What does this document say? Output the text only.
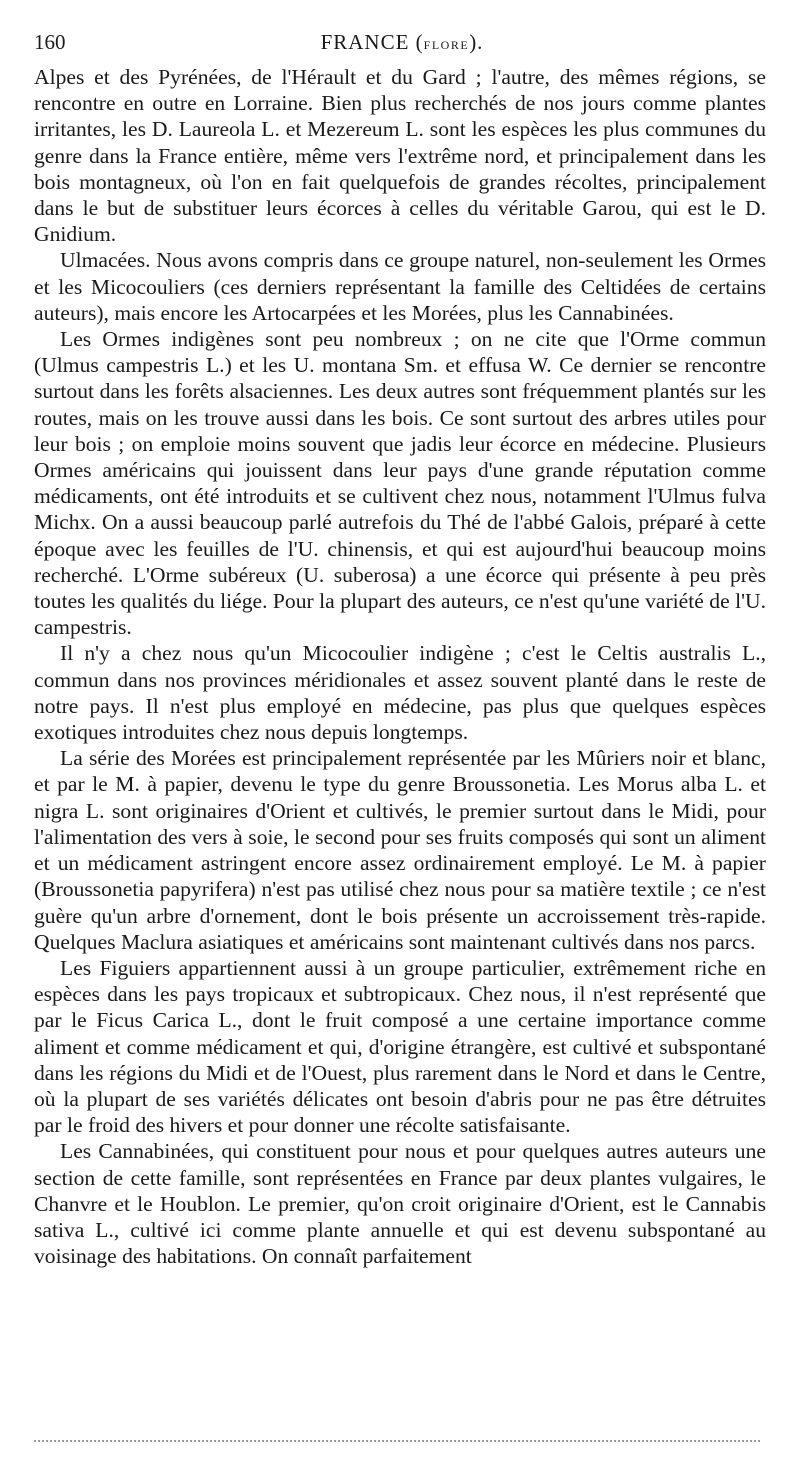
160	FRANCE (flore).

Alpes et des Pyrénées, de l'Hérault et du Gard ; l'autre, des mêmes régions, se rencontre en outre en Lorraine. Bien plus recherchés de nos jours comme plantes irritantes, les D. Laureola L. et Mezereum L. sont les espèces les plus communes du genre dans la France entière, même vers l'extrême nord, et principalement dans les bois montagneux, où l'on en fait quelquefois de grandes récoltes, principalement dans le but de substituer leurs écorces à celles du véritable Garou, qui est le D. Gnidium.

Ulmacées. Nous avons compris dans ce groupe naturel, non-seulement les Ormes et les Micocouliers (ces derniers représentant la famille des Celtidées de certains auteurs), mais encore les Artocarpées et les Morées, plus les Cannabinées.

Les Ormes indigènes sont peu nombreux ; on ne cite que l'Orme commun (Ulmus campestris L.) et les U. montana Sm. et effusa W. Ce dernier se rencontre surtout dans les forêts alsaciennes. Les deux autres sont fréquemment plantés sur les routes, mais on les trouve aussi dans les bois. Ce sont surtout des arbres utiles pour leur bois ; on emploie moins souvent que jadis leur écorce en médecine. Plusieurs Ormes américains qui jouissent dans leur pays d'une grande réputation comme médicaments, ont été introduits et se cultivent chez nous, notamment l'Ulmus fulva Michx. On a aussi beaucoup parlé autrefois du Thé de l'abbé Galois, préparé à cette époque avec les feuilles de l'U. chinensis, et qui est aujourd'hui beaucoup moins recherché. L'Orme subéreux (U. suberosa) a une écorce qui présente à peu près toutes les qualités du liége. Pour la plupart des auteurs, ce n'est qu'une variété de l'U. campestris.

Il n'y a chez nous qu'un Micocoulier indigène ; c'est le Celtis australis L., commun dans nos provinces méridionales et assez souvent planté dans le reste de notre pays. Il n'est plus employé en médecine, pas plus que quelques espèces exotiques introduites chez nous depuis longtemps.

La série des Morées est principalement représentée par les Mûriers noir et blanc, et par le M. à papier, devenu le type du genre Broussonetia. Les Morus alba L. et nigra L. sont originaires d'Orient et cultivés, le premier surtout dans le Midi, pour l'alimentation des vers à soie, le second pour ses fruits composés qui sont un aliment et un médicament astringent encore assez ordinairement employé. Le M. à papier (Broussonetia papyrifera) n'est pas utilisé chez nous pour sa matière textile ; ce n'est guère qu'un arbre d'ornement, dont le bois présente un accroissement très-rapide. Quelques Maclura asiatiques et américains sont maintenant cultivés dans nos parcs.

Les Figuiers appartiennent aussi à un groupe particulier, extrêmement riche en espèces dans les pays tropicaux et subtropicaux. Chez nous, il n'est représenté que par le Ficus Carica L., dont le fruit composé a une certaine importance comme aliment et comme médicament et qui, d'origine étrangère, est cultivé et subspontané dans les régions du Midi et de l'Ouest, plus rarement dans le Nord et dans le Centre, où la plupart de ses variétés délicates ont besoin d'abris pour ne pas être détruites par le froid des hivers et pour donner une récolte satisfaisante.

Les Cannabinées, qui constituent pour nous et pour quelques autres auteurs une section de cette famille, sont représentées en France par deux plantes vulgaires, le Chanvre et le Houblon. Le premier, qu'on croit originaire d'Orient, est le Cannabis sativa L., cultivé ici comme plante annuelle et qui est devenu subspontané au voisinage des habitations. On connaît parfaitement
